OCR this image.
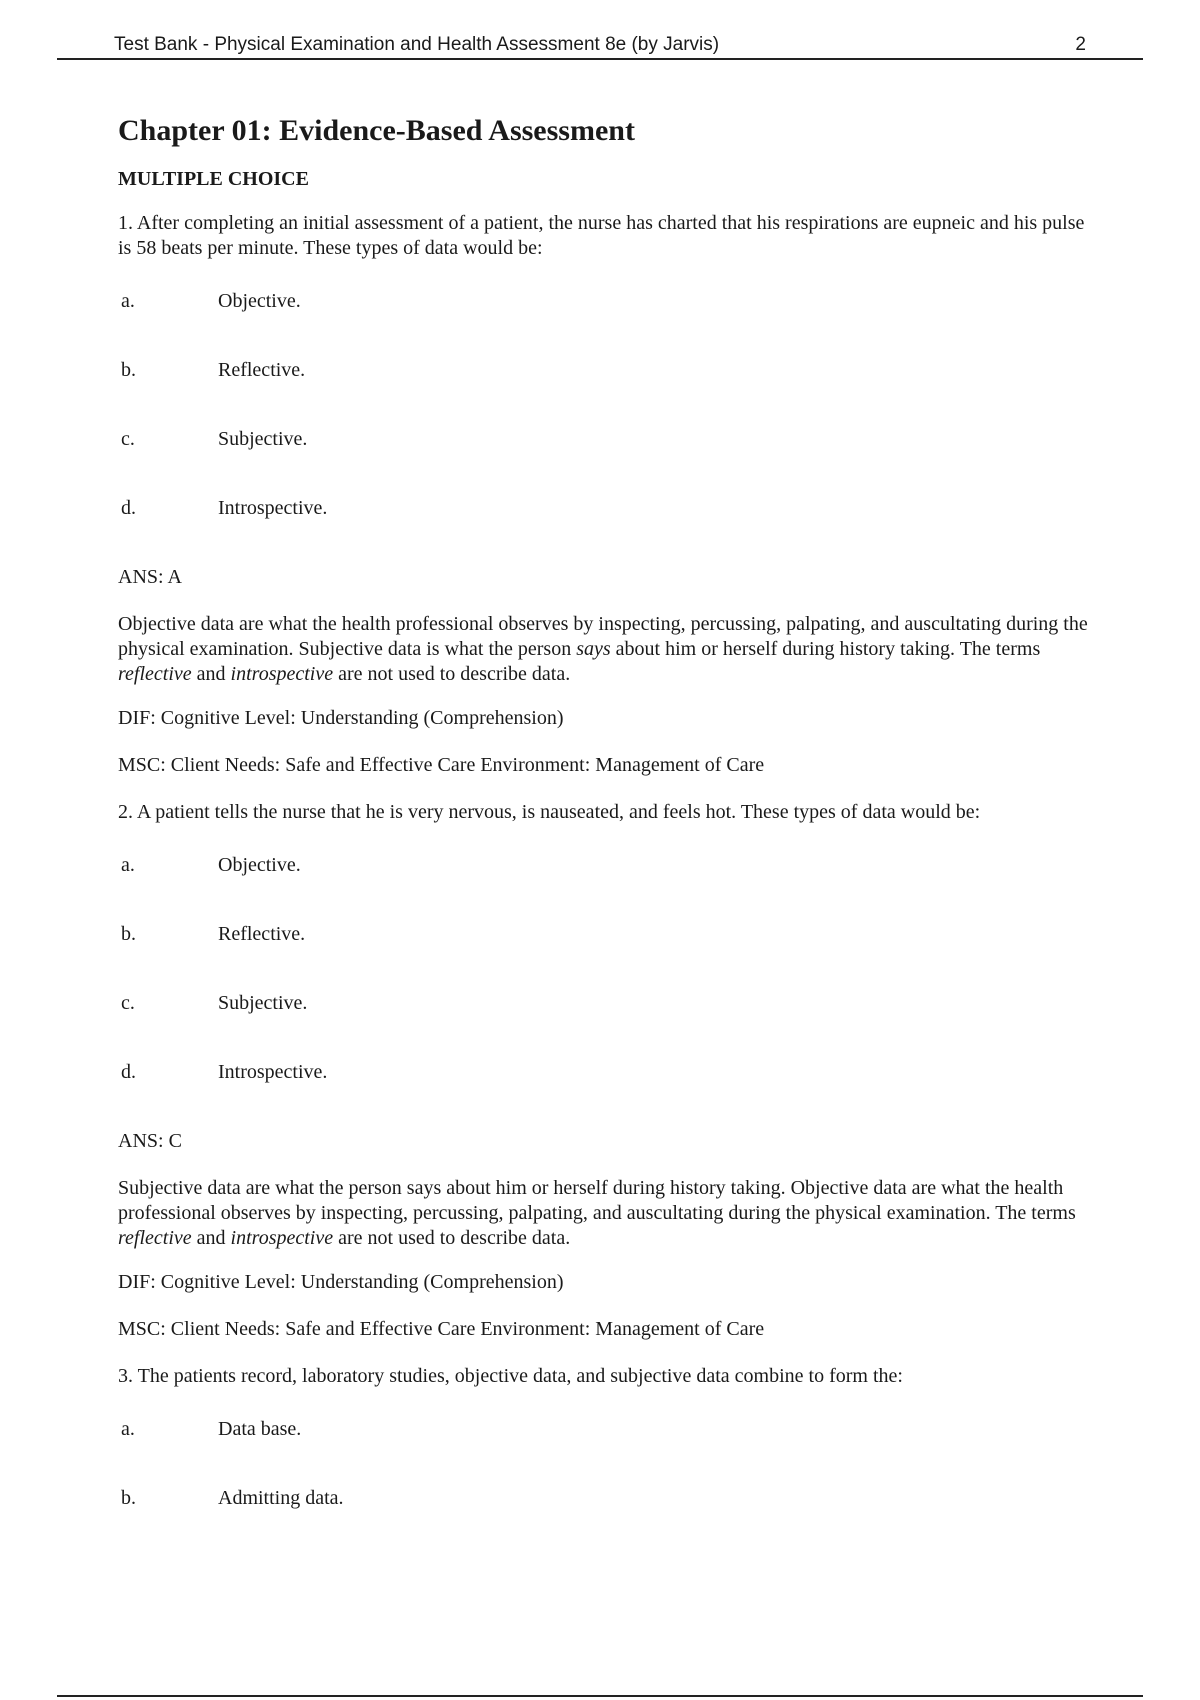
Test Bank - Physical Examination and Health Assessment 8e (by Jarvis)	2
Chapter 01: Evidence-Based Assessment
MULTIPLE CHOICE
1. After completing an initial assessment of a patient, the nurse has charted that his respirations are eupneic and his pulse is 58 beats per minute. These types of data would be:
a.	Objective.
b.	Reflective.
c.	Subjective.
d.	Introspective.
ANS: A
Objective data are what the health professional observes by inspecting, percussing, palpating, and auscultating during the physical examination. Subjective data is what the person says about him or herself during history taking. The terms reflective and introspective are not used to describe data.
DIF: Cognitive Level: Understanding (Comprehension)
MSC: Client Needs: Safe and Effective Care Environment: Management of Care
2. A patient tells the nurse that he is very nervous, is nauseated, and feels hot. These types of data would be:
a.	Objective.
b.	Reflective.
c.	Subjective.
d.	Introspective.
ANS: C
Subjective data are what the person says about him or herself during history taking. Objective data are what the health professional observes by inspecting, percussing, palpating, and auscultating during the physical examination. The terms reflective and introspective are not used to describe data.
DIF: Cognitive Level: Understanding (Comprehension)
MSC: Client Needs: Safe and Effective Care Environment: Management of Care
3. The patients record, laboratory studies, objective data, and subjective data combine to form the:
a.	Data base.
b.	Admitting data.
